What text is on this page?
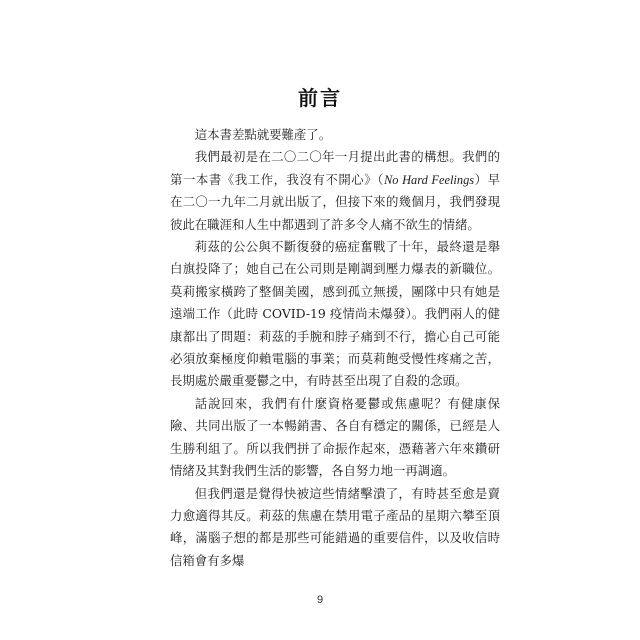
前言

這本書差點就要難產了。

我們最初是在二〇二〇年一月提出此書的構想。我們的第一本書《我工作，我沒有不開心》（No Hard Feelings）早在二〇一九年二月就出版了，但接下來的幾個月，我們發現彼此在職涯和人生中都遇到了許多令人痛不欲生的情緒。

莉茲的公公與不斷復發的癌症奮戰了十年，最終還是舉白旗投降了；她自己在公司則是剛調到壓力爆表的新職位。莫莉搬家橫跨了整個美國，感到孤立無援，團隊中只有她是遠端工作（此時 COVID-19 疫情尚未爆發）。我們兩人的健康都出了問題：莉茲的手腕和脖子痛到不行，擔心自己可能必須放棄極度仰賴電腦的事業；而莫莉飽受慢性疼痛之苦，長期處於嚴重憂鬱之中，有時甚至出現了自殺的念頭。

話說回來，我們有什麼資格憂鬱或焦慮呢？有健康保險、共同出版了一本暢銷書、各自有穩定的關係，已經是人生勝利組了。所以我們拼了命振作起來，憑藉著六年來鑽研情緒及其對我們生活的影響，各自努力地一再調適。

但我們還是覺得快被這些情緒擊潰了，有時甚至愈是賣力愈適得其反。莉茲的焦慮在禁用電子產品的星期六攀至頂峰，滿腦子想的都是那些可能錯過的重要信件，以及收信時信箱會有多爆

9
